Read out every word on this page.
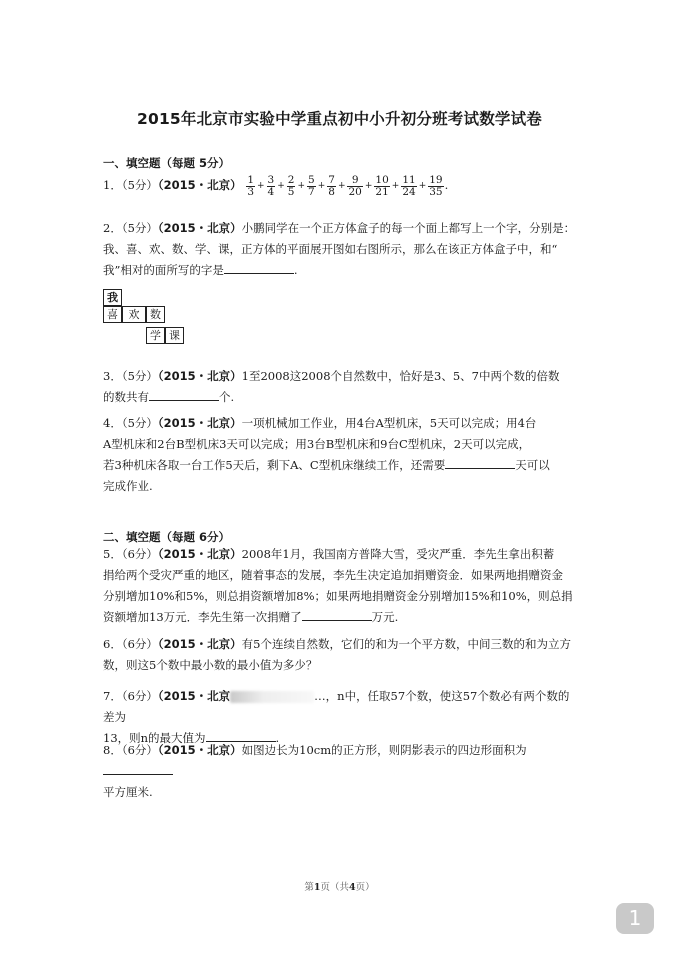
2015年北京市实验中学重点初中小升初分班考试数学试卷
一、填空题（每题 5分）
1．（5分）（2015・北京） $\frac{1}{3} + \frac{3}{4} + \frac{2}{5} + \frac{5}{7} + \frac{7}{8} + \frac{9}{20} + \frac{10}{21} + \frac{11}{24} + \frac{19}{35}$ .
2．（5分）（2015・北京）小鹏同学在一个正方体盒子的每一个面上都写上一个字，分别是：
我、喜、欢、数、学、课，正方体的平面展开图如右图所示，那么在该正方体盒子中，和“
我”相对的面所写的字是	.
我
喜 欢 数
学 课
3．（5分）（2015・北京）1至2008这2008个自然数中，恰好是3、5、7中两个数的倍数
的数共有	个.
4．（5分）（2015・北京）一项机械加工作业，用4台A型机床，5天可以完成；用4台
A型机床和2台B型机床3天可以完成；用3台B型机床和9台C型机床，2天可以完成，
若3种机床各取一台工作5天后，剩下A、C型机床继续工作，还需要	天可以
完成作业.
二、填空题（每题 6分）
5．（6分）（2015・北京）2008年1月，我国南方普降大雪，受灾严重．李先生拿出积蓄
捐给两个受灾严重的地区，随着事态的发展，李先生决定追加捐赠资金．如果两地捐赠资金
分别增加10%和5%，则总捐资额增加8%；如果两地捐赠资金分别增加15%和10%，则总捐
资额增加13万元．李先生第一次捐赠了	万元.
6．（6分）（2015・北京）有5个连续自然数，它们的和为一个平方数，中间三数的和为立方
数，则这5个数中最小数的最小值为多少？
7．（6分）（2015・北京	…，n中，任取57个数，使这57个数必有两个数的差为
13，则n的最大值为	.
8．（6分）（2015・北京）如图边长为10cm的正方形，则阴影表示的四边形面积为
平方厘米.
第1页（共4页）
1
